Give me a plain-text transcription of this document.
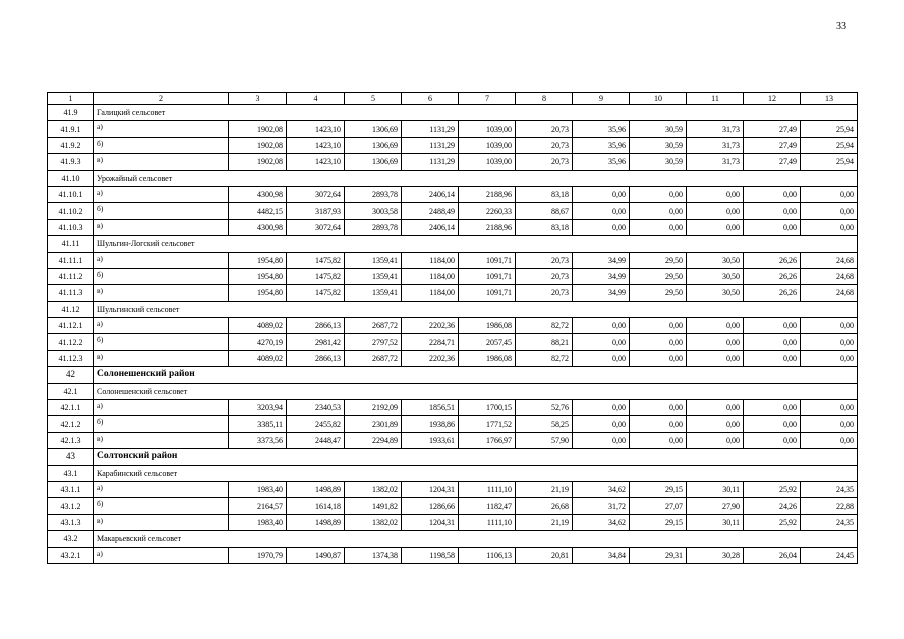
33
1	2	3	4	5	6	7	8	9	10	11	12	13
41.9	Галицкий сельсовет											
41.9.1	а)	1902,08	1423,10	1306,69	1131,29	1039,00	20,73	35,96	30,59	31,73	27,49	25,94
41.9.2	б)	1902,08	1423,10	1306,69	1131,29	1039,00	20,73	35,96	30,59	31,73	27,49	25,94
41.9.3	в)	1902,08	1423,10	1306,69	1131,29	1039,00	20,73	35,96	30,59	31,73	27,49	25,94
41.10	Урожайный сельсовет											
41.10.1	а)	4300,98	3072,64	2893,78	2406,14	2188,96	83,18	0,00	0,00	0,00	0,00	0,00
41.10.2	б)	4482,15	3187,93	3003,58	2488,49	2260,33	88,67	0,00	0,00	0,00	0,00	0,00
41.10.3	в)	4300,98	3072,64	2893,78	2406,14	2188,96	83,18	0,00	0,00	0,00	0,00	0,00
41.11	Шульгин-Логский сельсовет											
41.11.1	а)	1954,80	1475,82	1359,41	1184,00	1091,71	20,73	34,99	29,50	30,50	26,26	24,68
41.11.2	б)	1954,80	1475,82	1359,41	1184,00	1091,71	20,73	34,99	29,50	30,50	26,26	24,68
41.11.3	в)	1954,80	1475,82	1359,41	1184,00	1091,71	20,73	34,99	29,50	30,50	26,26	24,68
41.12	Шульгинский сельсовет											
41.12.1	а)	4089,02	2866,13	2687,72	2202,36	1986,08	82,72	0,00	0,00	0,00	0,00	0,00
41.12.2	б)	4270,19	2981,42	2797,52	2284,71	2057,45	88,21	0,00	0,00	0,00	0,00	0,00
41.12.3	в)	4089,02	2866,13	2687,72	2202,36	1986,08	82,72	0,00	0,00	0,00	0,00	0,00
42	Солонешенский район											
42.1	Солонешенский сельсовет											
42.1.1	а)	3203,94	2340,53	2192,09	1856,51	1700,15	52,76	0,00	0,00	0,00	0,00	0,00
42.1.2	б)	3385,11	2455,82	2301,89	1938,86	1771,52	58,25	0,00	0,00	0,00	0,00	0,00
42.1.3	в)	3373,56	2448,47	2294,89	1933,61	1766,97	57,90	0,00	0,00	0,00	0,00	0,00
43	Солтонский район											
43.1	Карабинский сельсовет											
43.1.1	а)	1983,40	1498,89	1382,02	1204,31	1111,10	21,19	34,62	29,15	30,11	25,92	24,35
43.1.2	б)	2164,57	1614,18	1491,82	1286,66	1182,47	26,68	31,72	27,07	27,90	24,26	22,88
43.1.3	в)	1983,40	1498,89	1382,02	1204,31	1111,10	21,19	34,62	29,15	30,11	25,92	24,35
43.2	Макарьевский сельсовет											
43.2.1	а)	1970,79	1490,87	1374,38	1198,58	1106,13	20,81	34,84	29,31	30,28	26,04	24,45
